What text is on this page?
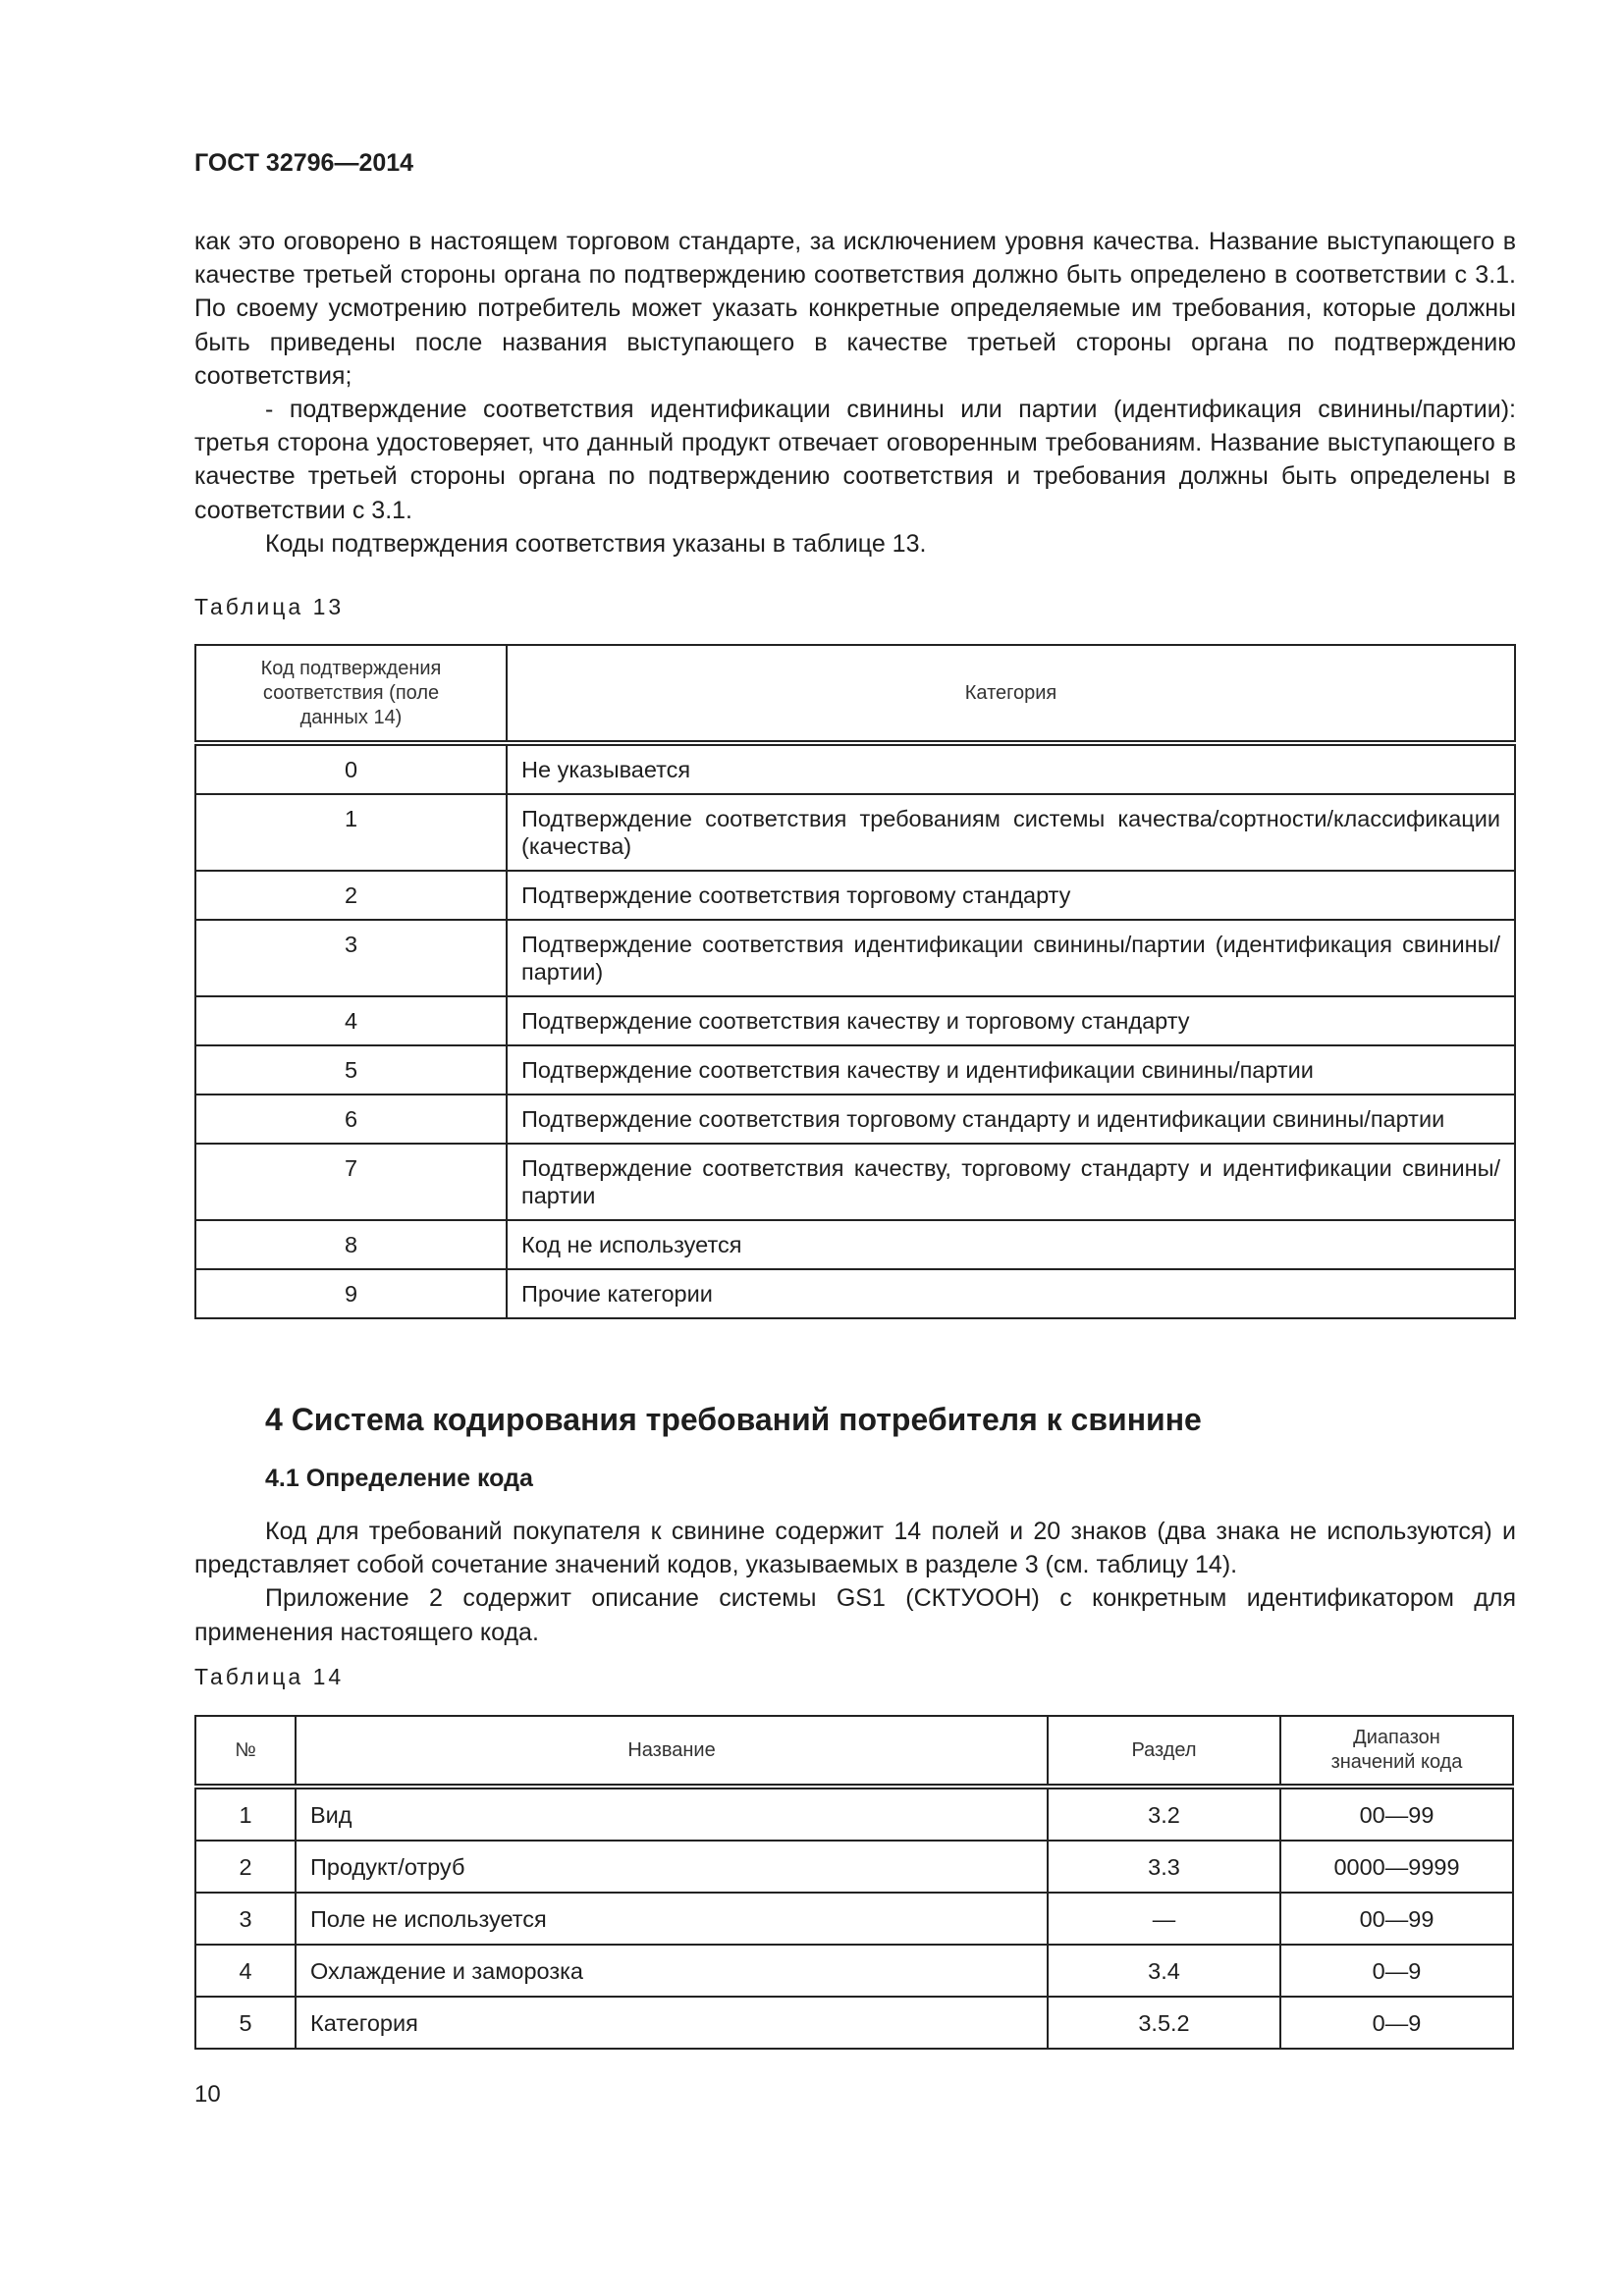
ГОСТ 32796—2014

как это оговорено в настоящем торговом стандарте, за исключением уровня качества. Название выступающего в качестве третьей стороны органа по подтверждению соответствия должно быть определено в соответствии с 3.1. По своему усмотрению потребитель может указать конкретные определяемые им требования, которые должны быть приведены после названия выступающего в качестве третьей стороны органа по подтверждению соответствия;

- подтверждение соответствия идентификации свинины или партии (идентификация свинины/партии): третья сторона удостоверяет, что данный продукт отвечает оговоренным требованиям. Название выступающего в качестве третьей стороны органа по подтверждению соответствия и требования должны быть определены в соответствии с 3.1.

Коды подтверждения соответствия указаны в таблице 13.

Таблица 13
Код подтверждения соответствия (поле данных 14)	Категория
0	Не указывается
1	Подтверждение соответствия требованиям системы качества/сортности/классификации (качества)
2	Подтверждение соответствия торговому стандарту
3	Подтверждение соответствия идентификации свинины/партии (идентификация свинины/партии)
4	Подтверждение соответствия качеству и торговому стандарту
5	Подтверждение соответствия качеству и идентификации свинины/партии
6	Подтверждение соответствия торговому стандарту и идентификации свинины/партии
7	Подтверждение соответствия качеству, торговому стандарту и идентификации свинины/партии
8	Код не используется
9	Прочие категории
4 Система кодирования требований потребителя к свинине
4.1 Определение кода

Код для требований покупателя к свинине содержит 14 полей и 20 знаков (два знака не используются) и представляет собой сочетание значений кодов, указываемых в разделе 3 (см. таблицу 14).

Приложение 2 содержит описание системы GS1 (СКТУООН) с конкретным идентификатором для применения настоящего кода.

Таблица 14
№	Название	Раздел	Диапазон значений кода
1	Вид	3.2	00—99
2	Продукт/отруб	3.3	0000—9999
3	Поле не используется	—	00—99
4	Охлаждение и заморозка	3.4	0—9
5	Категория	3.5.2	0—9
10
